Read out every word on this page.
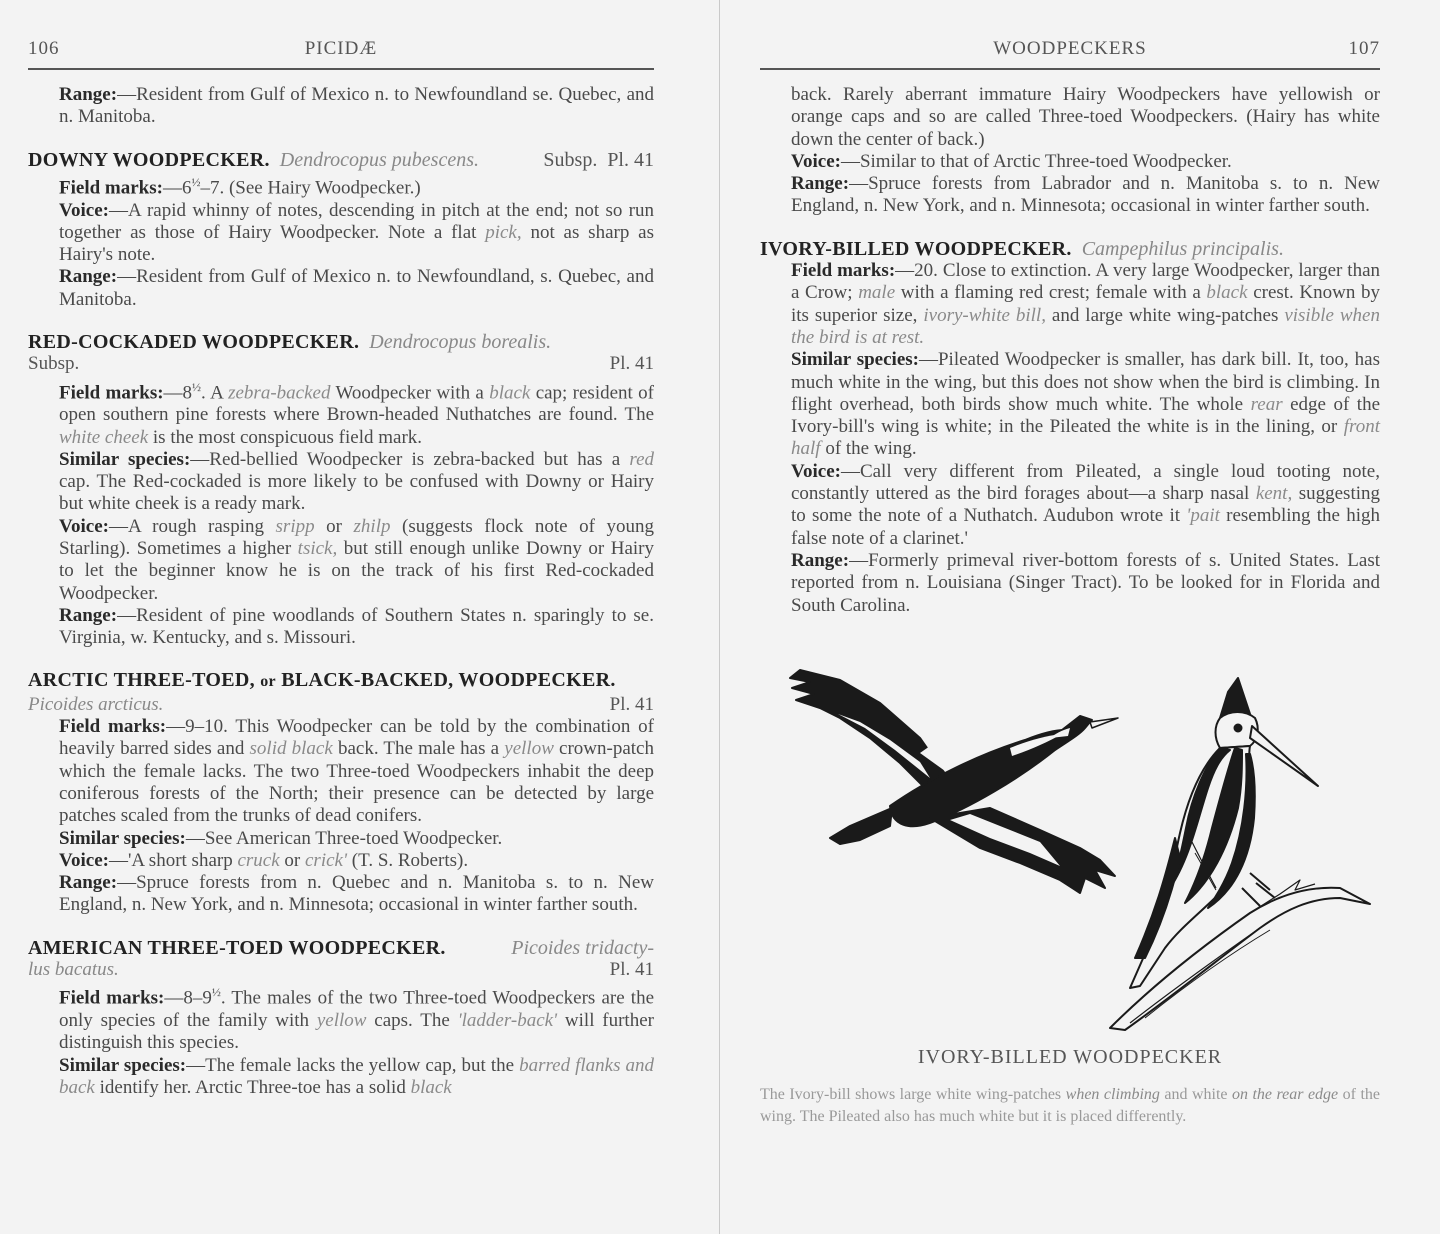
106	PICIDÆ

Range:—Resident from Gulf of Mexico n. to Newfoundland se. Quebec, and n. Manitoba.

DOWNY WOODPECKER. Dendrocopus pubescens.	Subsp. Pl. 41

Field $marks:—6^{\frac{1}{2}}-7$. (See Hairy Woodpecker.)

Voice:—A rapid whinny of notes, descending in pitch at the end; not so run together as those of Hairy Woodpecker. Note a flat pick, not as sharp as Hairy's note.

Range:—Resident from Gulf of Mexico n. to Newfoundland, s. Quebec, and Manitoba.

RED-COCKADED WOODPECKER. Dendrocopus borealis.

Subsp.	Pl. 41

Field $marks:—8^{\frac{1}{2}}$. A zebra-backed Woodpecker with a black cap; resident of open southern pine forests where Brown-headed Nuthatches are found. The white cheek is the most conspicuous field mark.

Similar species:—Red-bellied Woodpecker is zebra-backed but has a red cap. The Red-cockaded is more likely to be confused with Downy or Hairy but white cheek is a ready mark.

Voice:—A rough rasping sripp or zhilp (suggests flock note of young Starling). Sometimes a higher tsick, but still enough unlike Downy or Hairy to let the beginner know he is on the track of his first Red-cockaded Woodpecker.

Range:—Resident of pine woodlands of Southern States n. sparingly to se. Virginia, w. Kentucky, and s. Missouri.

ARCTIC THREE-TOED, or BLACK-BACKED, WOODPECKER.

Picoides arcticus.	Pl. 41

Field marks:—9–10. This Woodpecker can be told by the combination of heavily barred sides and solid black back. The male has a yellow crown-patch which the female lacks. The two Three-toed Woodpeckers inhabit the deep coniferous forests of the North; their presence can be detected by large patches scaled from the trunks of dead conifers.

Similar species:—See American Three-toed Woodpecker.

Voice:—'A short sharp cruck or crick' (T. S. Roberts).

Range:—Spruce forests from n. Quebec and n. Manitoba s. to n. New England, n. New York, and n. Minnesota; occasional in winter farther south.

AMERICAN THREE-TOED WOODPECKER.	Picoides tridacty-

lus bacatus.	Pl. 41

Field $marks:—8-9^{\frac{1}{2}}$. The males of the two Three-toed Woodpeckers are the only species of the family with yellow caps. The 'ladder-back' will further distinguish this species.

Similar species:—The female lacks the yellow cap, but the barred flanks and back identify her. Arctic Three-toe has a solid black

WOODPECKERS	107

back. Rarely aberrant immature Hairy Woodpeckers have yellowish or orange caps and so are called Three-toed Woodpeckers. (Hairy has white down the center of back.)

Voice:—Similar to that of Arctic Three-toed Woodpecker.

Range:—Spruce forests from Labrador and n. Manitoba s. to n. New England, n. New York, and n. Minnesota; occasional in winter farther south.

IVORY-BILLED WOODPECKER. Campephilus principalis.

Field marks:—20. Close to extinction. A very large Woodpecker, larger than a Crow; male with a flaming red crest; female with a black crest. Known by its superior size, ivory-white bill, and large white wing-patches visible when the bird is at rest.

Similar species:—Pileated Woodpecker is smaller, has dark bill. It, too, has much white in the wing, but this does not show when the bird is climbing. In flight overhead, both birds show much white. The whole rear edge of the Ivory-bill's wing is white; in the Pileated the white is in the lining, or front half of the wing.

Voice:—Call very different from Pileated, a single loud tooting note, constantly uttered as the bird forages about—a sharp nasal kent, suggesting to some the note of a Nuthatch. Audubon wrote it 'pait resembling the high false note of a clarinet.'

Range:—Formerly primeval river-bottom forests of s. United States. Last reported from n. Louisiana (Singer Tract). To be looked for in Florida and South Carolina.

IVORY-BILLED WOODPECKER

The Ivory-bill shows large white wing-patches when climbing and white on the rear edge of the wing. The Pileated also has much white but it is placed differently.
